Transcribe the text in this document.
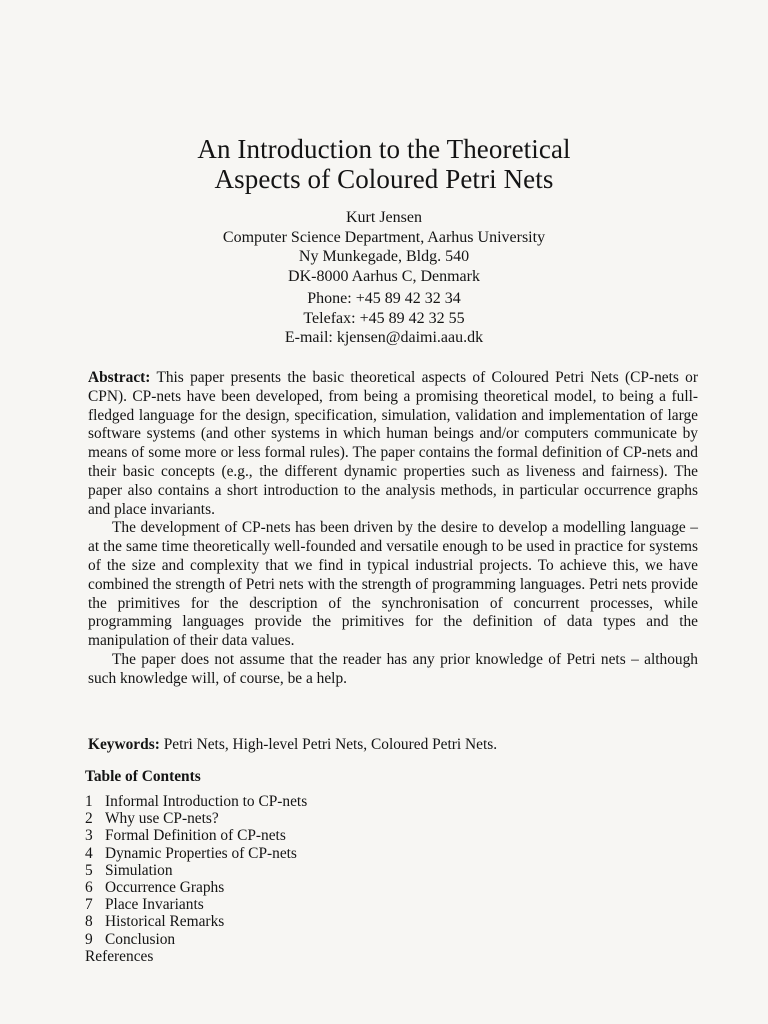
An Introduction to the Theoretical
Aspects of Coloured Petri Nets
Kurt Jensen
Computer Science Department, Aarhus University
Ny Munkegade, Bldg. 540
DK-8000 Aarhus C, Denmark
Phone: +45 89 42 32 34
Telefax: +45 89 42 32 55
E-mail: kjensen@daimi.aau.dk

Abstract: This paper presents the basic theoretical aspects of Coloured Petri Nets (CP-nets or CPN). CP-nets have been developed, from being a promising theoretical model, to being a full-fledged language for the design, specification, simulation, validation and implementation of large software systems (and other systems in which human beings and/or computers communicate by means of some more or less formal rules). The paper contains the formal definition of CP-nets and their basic concepts (e.g., the different dynamic properties such as liveness and fairness). The paper also contains a short introduction to the analysis methods, in particular occurrence graphs and place invariants.

The development of CP-nets has been driven by the desire to develop a modelling language – at the same time theoretically well-founded and versatile enough to be used in practice for systems of the size and complexity that we find in typical industrial projects. To achieve this, we have combined the strength of Petri nets with the strength of programming languages. Petri nets provide the primitives for the description of the synchronisation of concurrent processes, while programming languages provide the primitives for the definition of data types and the manipulation of their data values.

The paper does not assume that the reader has any prior knowledge of Petri nets – although such knowledge will, of course, be a help.

Keywords: Petri Nets, High-level Petri Nets, Coloured Petri Nets.
Table of Contents
1 Informal Introduction to CP-nets
2 Why use CP-nets?
3 Formal Definition of CP-nets
4 Dynamic Properties of CP-nets
5 Simulation
6 Occurrence Graphs
7 Place Invariants
8 Historical Remarks
9 Conclusion
References
